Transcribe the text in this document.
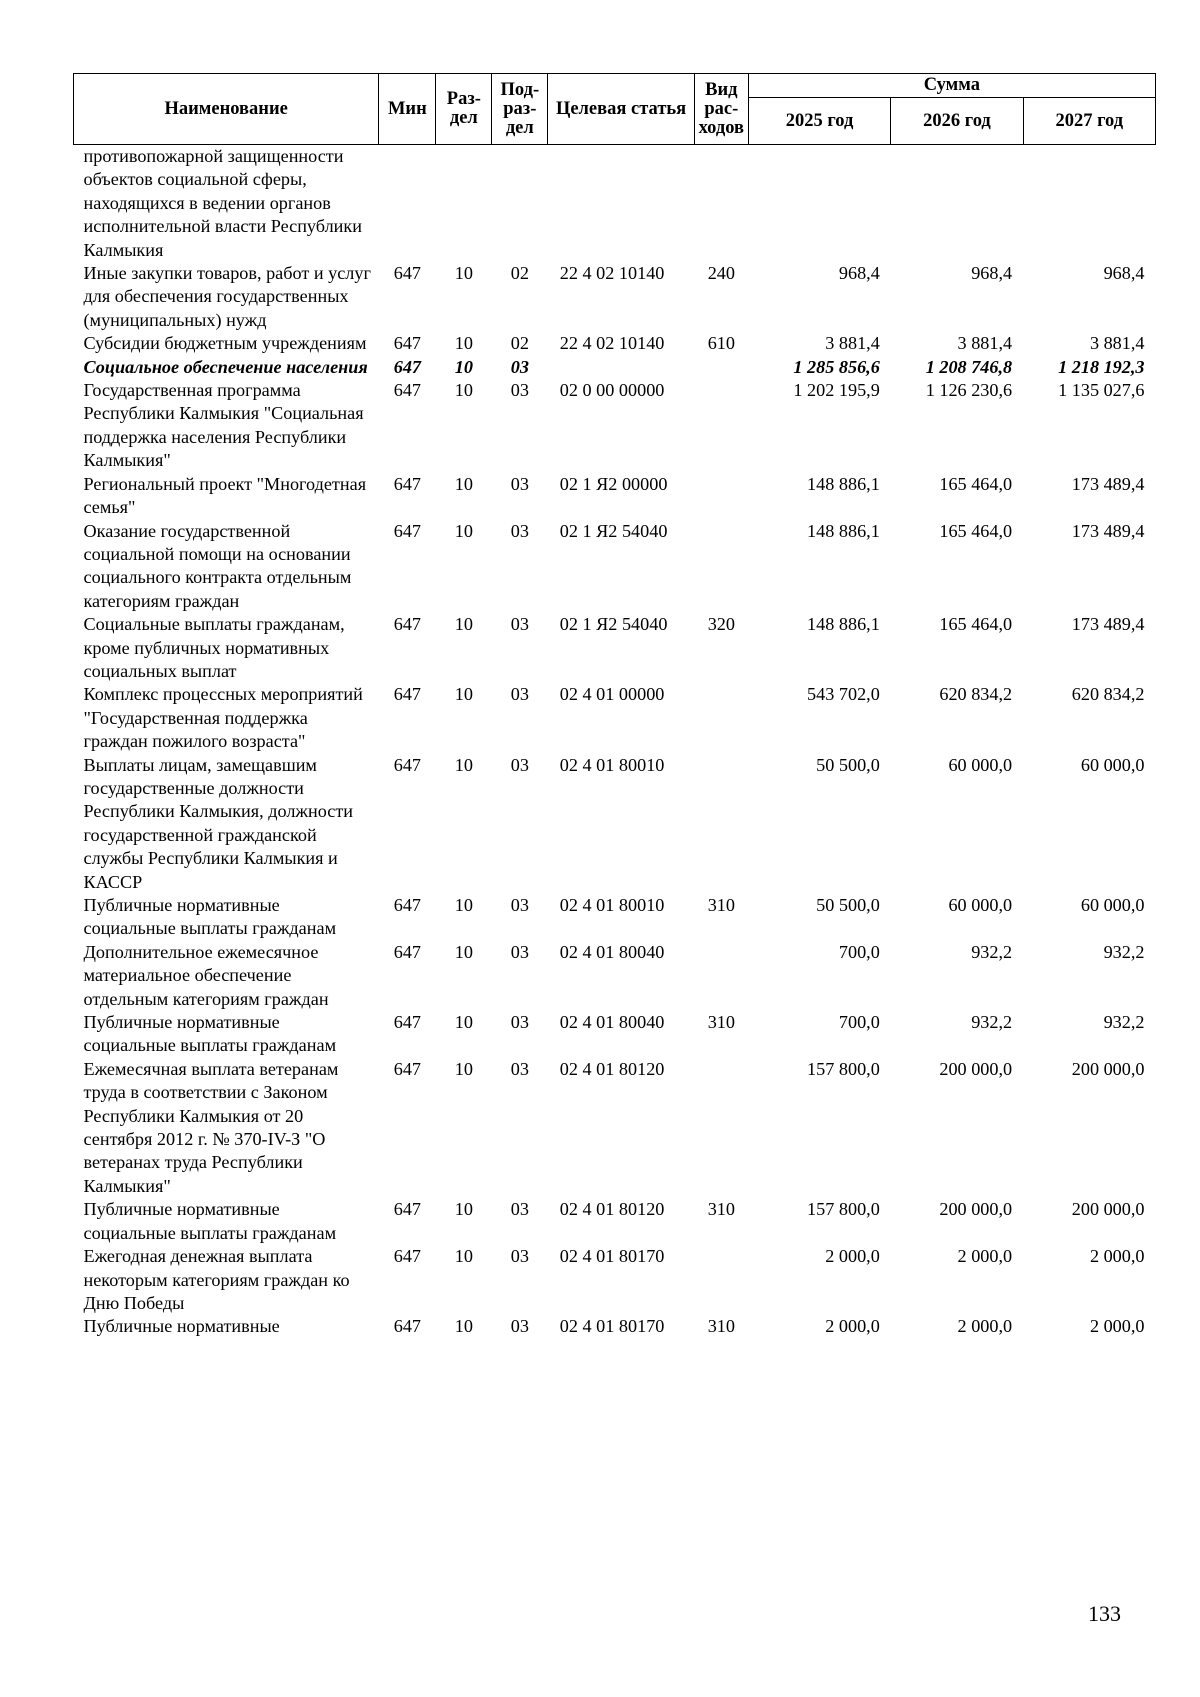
Наименование	Мин	Раз-дел	Под-раз-дел	Целевая статья	Вид рас-ходов	Сумма		
						2025 год	2026 год	2027 год
противопожарной защищенности объектов социальной сферы, находящихся в ведении органов исполнительной власти Республики Калмыкия								
Иные закупки товаров, работ и услуг для обеспечения государственных (муниципальных) нужд	647	10	02	22 4 02 10140	240	968,4	968,4	968,4
Субсидии бюджетным учреждениям	647	10	02	22 4 02 10140	610	3 881,4	3 881,4	3 881,4
Социальное обеспечение населения	647	10	03			1 285 856,6	1 208 746,8	1 218 192,3
Государственная программа Республики Калмыкия "Социальная поддержка населения Республики Калмыкия"	647	10	03	02 0 00 00000		1 202 195,9	1 126 230,6	1 135 027,6
Региональный проект "Многодетная семья"	647	10	03	02 1 Я2 00000		148 886,1	165 464,0	173 489,4
Оказание государственной социальной помощи на основании социального контракта отдельным категориям граждан	647	10	03	02 1 Я2 54040		148 886,1	165 464,0	173 489,4
Социальные выплаты гражданам, кроме публичных нормативных социальных выплат	647	10	03	02 1 Я2 54040	320	148 886,1	165 464,0	173 489,4
Комплекс процессных мероприятий "Государственная поддержка граждан пожилого возраста"	647	10	03	02 4 01 00000		543 702,0	620 834,2	620 834,2
Выплаты лицам, замещавшим государственные должности Республики Калмыкия, должности государственной гражданской службы Республики Калмыкия и КАССР	647	10	03	02 4 01 80010		50 500,0	60 000,0	60 000,0
Публичные нормативные социальные выплаты гражданам	647	10	03	02 4 01 80010	310	50 500,0	60 000,0	60 000,0
Дополнительное ежемесячное материальное обеспечение отдельным категориям граждан	647	10	03	02 4 01 80040		700,0	932,2	932,2
Публичные нормативные социальные выплаты гражданам	647	10	03	02 4 01 80040	310	700,0	932,2	932,2
Ежемесячная выплата ветеранам труда в соответствии с Законом Республики Калмыкия от 20 сентября 2012 г. № 370-IV-З "О ветеранах труда Республики Калмыкия"	647	10	03	02 4 01 80120		157 800,0	200 000,0	200 000,0
Публичные нормативные социальные выплаты гражданам	647	10	03	02 4 01 80120	310	157 800,0	200 000,0	200 000,0
Ежегодная денежная выплата некоторым категориям граждан ко Дню Победы	647	10	03	02 4 01 80170		2 000,0	2 000,0	2 000,0
Публичные нормативные	647	10	03	02 4 01 80170	310	2 000,0	2 000,0	2 000,0
133
